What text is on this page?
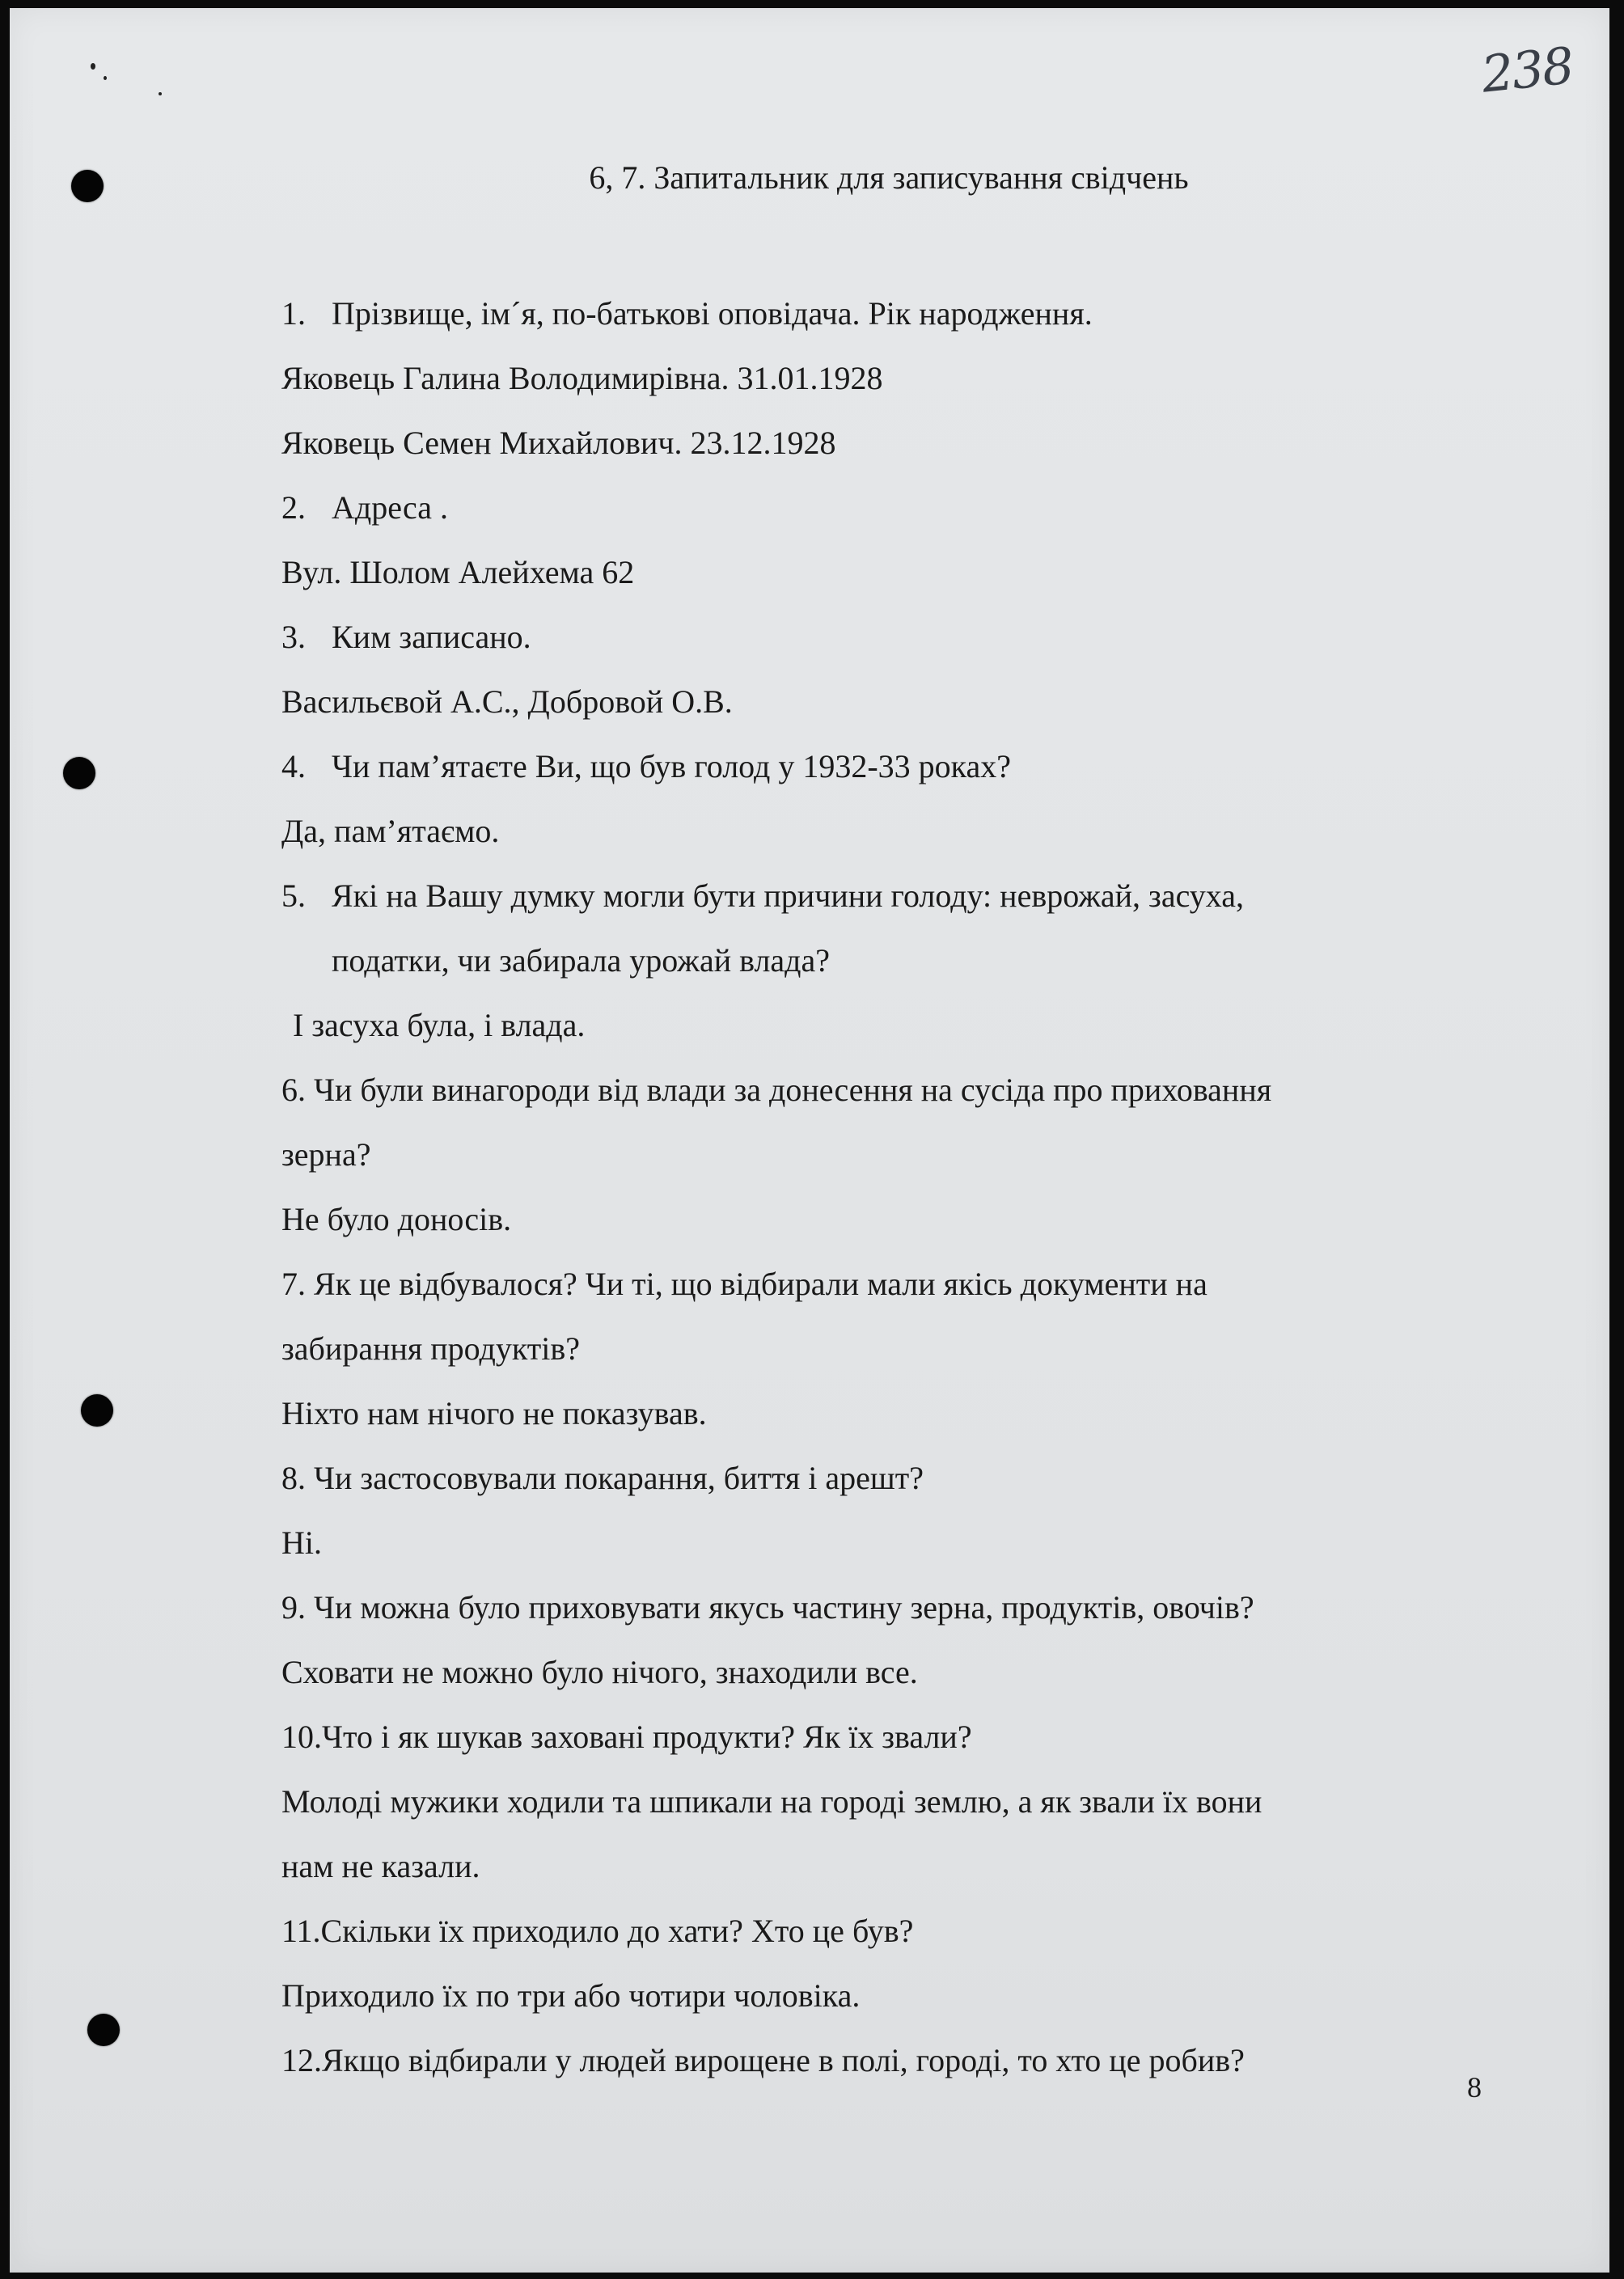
238
6, 7. Запитальник для записування свідчень
1. Прізвище, ім´я, по-батькові оповідача. Рік народження.
Яковець Галина Володимирівна. 31.01.1928
Яковець Семен Михайлович. 23.12.1928
2. Адреса .
Вул. Шолом Алейхема 62
3. Ким записано.
Васильєвой А.С., Добровой О.В.
4. Чи пам’ятаєте Ви, що був голод у 1932-33 роках?
Да, пам’ятаємо.
5. Які на Вашу думку могли бути причини голоду: неврожай, засуха,
податки, чи забирала урожай влада?
І засуха була, і влада.
6. Чи були винагороди від влади за донесення на сусіда про приховання
зерна?
Не було доносів.
7. Як це відбувалося? Чи ті, що відбирали мали якісь документи на
забирання продуктів?
Ніхто нам нічого не показував.
8. Чи застосовували покарання, биття і арешт?
Ні.
9. Чи можна було приховувати якусь частину зерна, продуктів, овочів?
Сховати не можно було нічого, знаходили все.
10.Что і як шукав заховані продукти? Як їх звали?
Молоді мужики ходили та шпикали на городі землю, а як звали їх вони
нам не казали.
11.Скільки їх приходило до хати? Хто це був?
Приходило їх по три або чотири чоловіка.
12.Якщо відбирали у людей вирощене в полі, городі, то хто це робив?
8
